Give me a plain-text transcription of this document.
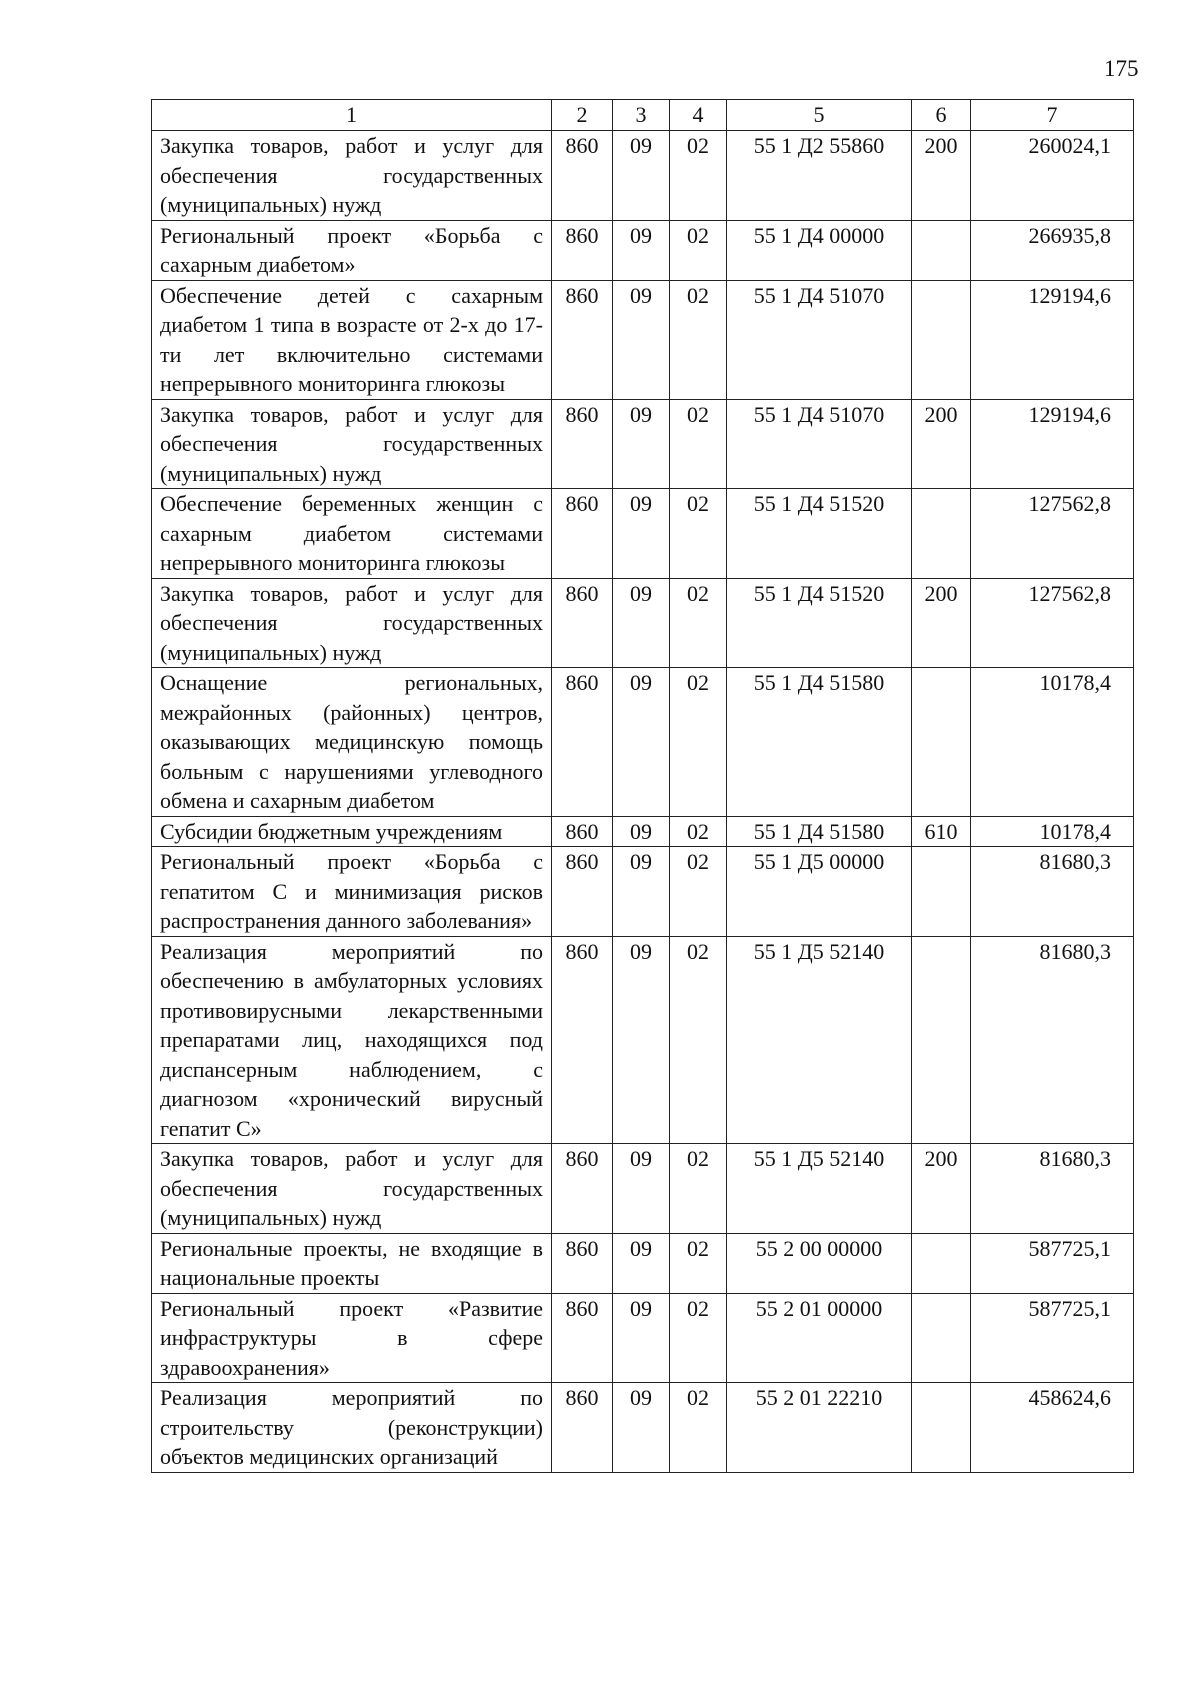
175
1	2	3	4	5	6	7
Закупка товаров, работ и услуг для обеспечения государственных (муниципальных) нужд	860	09	02	55 1 Д2 55860	200	260024,1
Региональный проект «Борьба с сахарным диабетом»	860	09	02	55 1 Д4 00000		266935,8
Обеспечение детей с сахарным диабетом 1 типа в возрасте от 2-х до 17-ти лет включительно системами непрерывного мониторинга глюкозы	860	09	02	55 1 Д4 51070		129194,6
Закупка товаров, работ и услуг для обеспечения государственных (муниципальных) нужд	860	09	02	55 1 Д4 51070	200	129194,6
Обеспечение беременных женщин с сахарным диабетом системами непрерывного мониторинга глюкозы	860	09	02	55 1 Д4 51520		127562,8
Закупка товаров, работ и услуг для обеспечения государственных (муниципальных) нужд	860	09	02	55 1 Д4 51520	200	127562,8
Оснащение региональных, межрайонных (районных) центров, оказывающих медицинскую помощь больным с нарушениями углеводного обмена и сахарным диабетом	860	09	02	55 1 Д4 51580		10178,4
Субсидии бюджетным учреждениям	860	09	02	55 1 Д4 51580	610	10178,4
Региональный проект «Борьба с гепатитом С и минимизация рисков распространения данного заболевания»	860	09	02	55 1 Д5 00000		81680,3
Реализация мероприятий по обеспечению в амбулаторных условиях противовирусными лекарственными препаратами лиц, находящихся под диспансерным наблюдением, с диагнозом «хронический вирусный гепатит С»	860	09	02	55 1 Д5 52140		81680,3
Закупка товаров, работ и услуг для обеспечения государственных (муниципальных) нужд	860	09	02	55 1 Д5 52140	200	81680,3
Региональные проекты, не входящие в национальные проекты	860	09	02	55 2 00 00000		587725,1
Региональный проект «Развитие инфраструктуры в сфере здравоохранения»	860	09	02	55 2 01 00000		587725,1
Реализация мероприятий по строительству (реконструкции) объектов медицинских организаций	860	09	02	55 2 01 22210		458624,6
